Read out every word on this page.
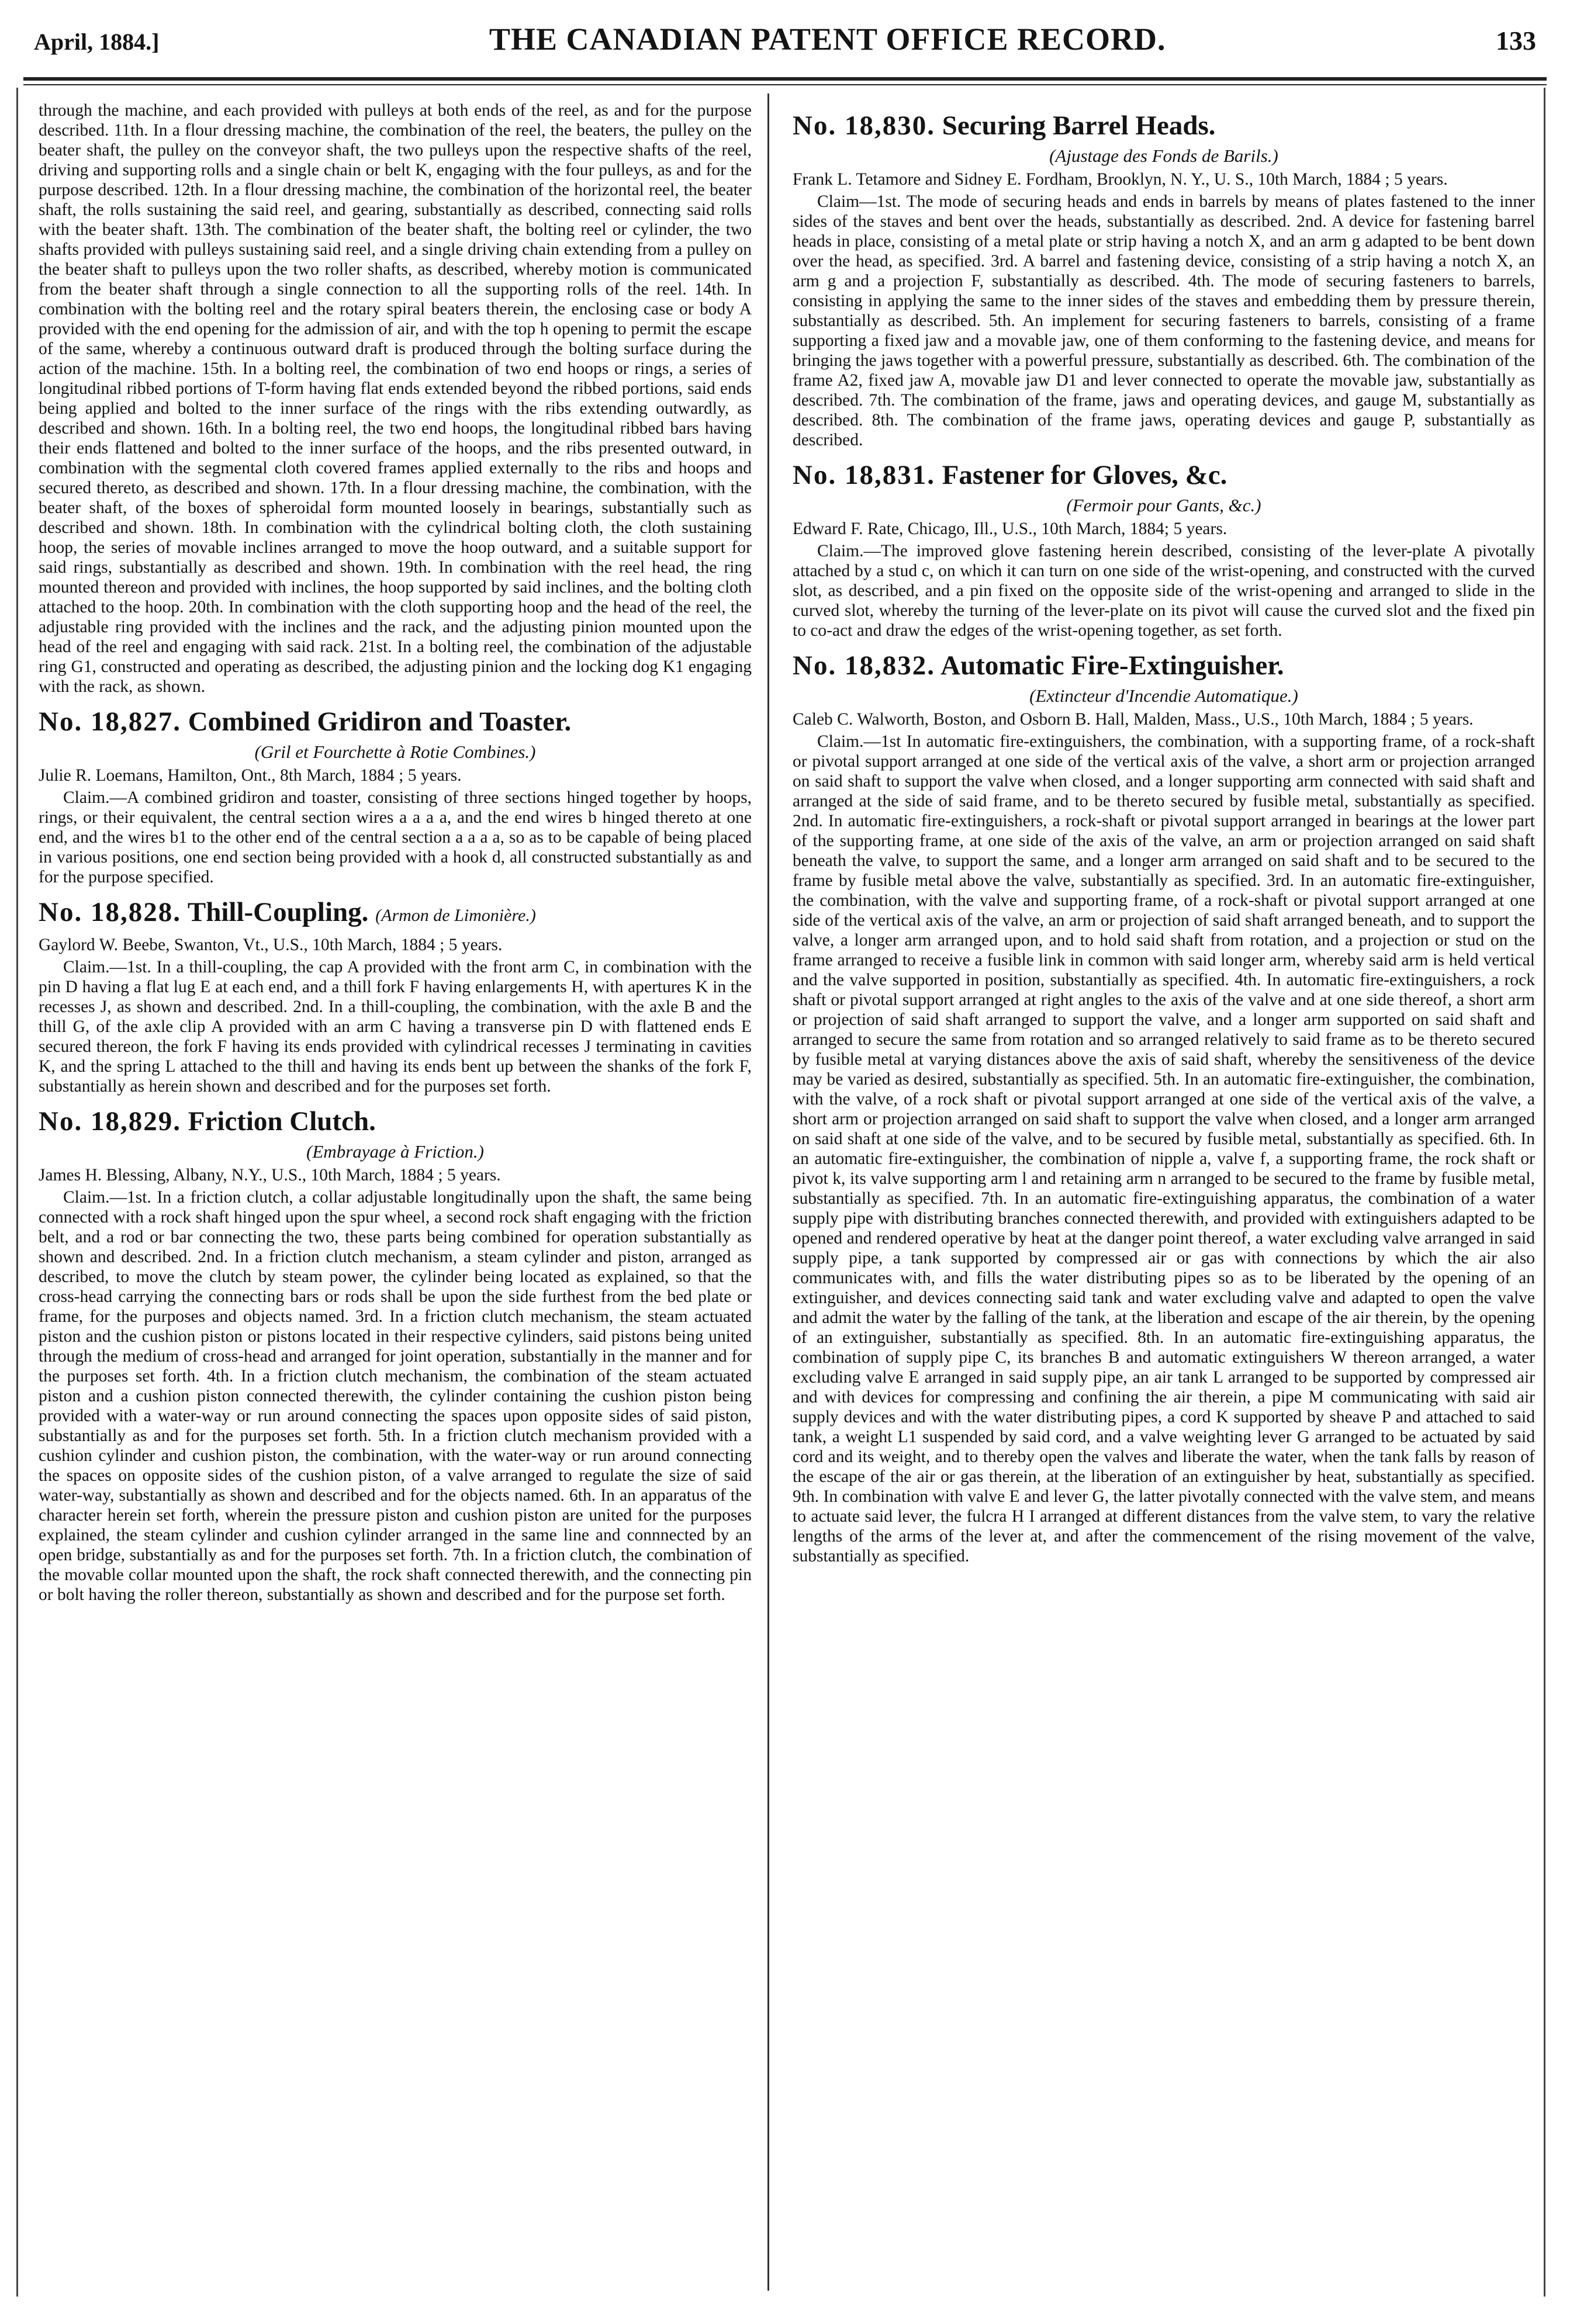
April, 1884.]	THE CANADIAN PATENT OFFICE RECORD.	133

through the machine, and each provided with pulleys at both ends of the reel, as and for the purpose described. 11th. In a flour dressing machine, the combination of the reel, the beaters, the pulley on the beater shaft, the pulley on the conveyor shaft, the two pulleys upon the respective shafts of the reel, driving and supporting rolls and a single chain or belt K, engaging with the four pulleys, as and for the purpose described. 12th. In a flour dressing machine, the combination of the horizontal reel, the beater shaft, the rolls sustaining the said reel, and gearing, substantially as described, connecting said rolls with the beater shaft. 13th. The combination of the beater shaft, the bolting reel or cylinder, the two shafts provided with pulleys sustaining said reel, and a single driving chain extending from a pulley on the beater shaft to pulleys upon the two roller shafts, as described, whereby motion is communicated from the beater shaft through a single connection to all the supporting rolls of the reel. 14th. In combination with the bolting reel and the rotary spiral beaters therein, the enclosing case or body A provided with the end opening for the admission of air, and with the top h opening to permit the escape of the same, whereby a continuous outward draft is produced through the bolting surface during the action of the machine. 15th. In a bolting reel, the combination of two end hoops or rings, a series of longitudinal ribbed portions of T-form having flat ends extended beyond the ribbed portions, said ends being applied and bolted to the inner surface of the rings with the ribs extending outwardly, as described and shown. 16th. In a bolting reel, the two end hoops, the longitudinal ribbed bars having their ends flattened and bolted to the inner surface of the hoops, and the ribs presented outward, in combination with the segmental cloth covered frames applied externally to the ribs and hoops and secured thereto, as described and shown. 17th. In a flour dressing machine, the combination, with the beater shaft, of the boxes of spheroidal form mounted loosely in bearings, substantially such as described and shown. 18th. In combination with the cylindrical bolting cloth, the cloth sustaining hoop, the series of movable inclines arranged to move the hoop outward, and a suitable support for said rings, substantially as described and shown. 19th. In combination with the reel head, the ring mounted thereon and provided with inclines, the hoop supported by said inclines, and the bolting cloth attached to the hoop. 20th. In combination with the cloth supporting hoop and the head of the reel, the adjustable ring provided with the inclines and the rack, and the adjusting pinion mounted upon the head of the reel and engaging with said rack. 21st. In a bolting reel, the combination of the adjustable ring G1, constructed and operating as described, the adjusting pinion and the locking dog K1 engaging with the rack, as shown.

No. 18,827. Combined Gridiron and Toaster.

(Gril et Fourchette à Rotie Combines.)

Julie R. Loemans, Hamilton, Ont., 8th March, 1884 ; 5 years.

Claim.—A combined gridiron and toaster, consisting of three sections hinged together by hoops, rings, or their equivalent, the central section wires a a a a, and the end wires b hinged thereto at one end, and the wires b1 to the other end of the central section a a a a, so as to be capable of being placed in various positions, one end section being provided with a hook d, all constructed substantially as and for the purpose specified.

No. 18,828. Thill-Coupling. (Armon de Limonière.)

Gaylord W. Beebe, Swanton, Vt., U.S., 10th March, 1884 ; 5 years.

Claim.—1st. In a thill-coupling, the cap A provided with the front arm C, in combination with the pin D having a flat lug E at each end, and a thill fork F having enlargements H, with apertures K in the recesses J, as shown and described. 2nd. In a thill-coupling, the combination, with the axle B and the thill G, of the axle clip A provided with an arm C having a transverse pin D with flattened ends E secured thereon, the fork F having its ends provided with cylindrical recesses J terminating in cavities K, and the spring L attached to the thill and having its ends bent up between the shanks of the fork F, substantially as herein shown and described and for the purposes set forth.

No. 18,829. Friction Clutch.

(Embrayage à Friction.)

James H. Blessing, Albany, N.Y., U.S., 10th March, 1884 ; 5 years.

Claim.—1st. In a friction clutch, a collar adjustable longitudinally upon the shaft, the same being connected with a rock shaft hinged upon the spur wheel, a second rock shaft engaging with the friction belt, and a rod or bar connecting the two, these parts being combined for operation substantially as shown and described. 2nd. In a friction clutch mechanism, a steam cylinder and piston, arranged as described, to move the clutch by steam power, the cylinder being located as explained, so that the cross-head carrying the connecting bars or rods shall be upon the side furthest from the bed plate or frame, for the purposes and objects named. 3rd. In a friction clutch mechanism, the steam actuated piston and the cushion piston or pistons located in their respective cylinders, said pistons being united through the medium of cross-head and arranged for joint operation, substantially in the manner and for the purposes set forth. 4th. In a friction clutch mechanism, the combination of the steam actuated piston and a cushion piston connected therewith, the cylinder containing the cushion piston being provided with a water-way or run around connecting the spaces upon opposite sides of said piston, substantially as and for the purposes set forth. 5th. In a friction clutch mechanism provided with a cushion cylinder and cushion piston, the combination, with the water-way or run around connecting the spaces on opposite sides of the cushion piston, of a valve arranged to regulate the size of said water-way, substantially as shown and described and for the objects named. 6th. In an apparatus of the character herein set forth, wherein the pressure piston and cushion piston are united for the purposes explained, the steam cylinder and cushion cylinder arranged in the same line and connnected by an open bridge, substantially as and for the purposes set forth. 7th. In a friction clutch, the combination of the movable collar mounted upon the shaft, the rock shaft connected therewith, and the connecting pin or bolt having the roller thereon, substantially as shown and described and for the purpose set forth.

No. 18,830. Securing Barrel Heads.

(Ajustage des Fonds de Barils.)

Frank L. Tetamore and Sidney E. Fordham, Brooklyn, N. Y., U. S., 10th March, 1884 ; 5 years.

Claim—1st. The mode of securing heads and ends in barrels by means of plates fastened to the inner sides of the staves and bent over the heads, substantially as described. 2nd. A device for fastening barrel heads in place, consisting of a metal plate or strip having a notch X, and an arm g adapted to be bent down over the head, as specified. 3rd. A barrel and fastening device, consisting of a strip having a notch X, an arm g and a projection F, substantially as described. 4th. The mode of securing fasteners to barrels, consisting in applying the same to the inner sides of the staves and embedding them by pressure therein, substantially as described. 5th. An implement for securing fasteners to barrels, consisting of a frame supporting a fixed jaw and a movable jaw, one of them conforming to the fastening device, and means for bringing the jaws together with a powerful pressure, substantially as described. 6th. The combination of the frame A2, fixed jaw A, movable jaw D1 and lever connected to operate the movable jaw, substantially as described. 7th. The combination of the frame, jaws and operating devices, and gauge M, substantially as described. 8th. The combination of the frame jaws, operating devices and gauge P, substantially as described.

No. 18,831. Fastener for Gloves, &c.

(Fermoir pour Gants, &c.)

Edward F. Rate, Chicago, Ill., U.S., 10th March, 1884; 5 years.

Claim.—The improved glove fastening herein described, consisting of the lever-plate A pivotally attached by a stud c, on which it can turn on one side of the wrist-opening, and constructed with the curved slot, as described, and a pin fixed on the opposite side of the wrist-opening and arranged to slide in the curved slot, whereby the turning of the lever-plate on its pivot will cause the curved slot and the fixed pin to co-act and draw the edges of the wrist-opening together, as set forth.

No. 18,832. Automatic Fire-Extinguisher.

(Extincteur d'Incendie Automatique.)

Caleb C. Walworth, Boston, and Osborn B. Hall, Malden, Mass., U.S., 10th March, 1884 ; 5 years.

Claim.—1st In automatic fire-extinguishers, the combination, with a supporting frame, of a rock-shaft or pivotal support arranged at one side of the vertical axis of the valve, a short arm or projection arranged on said shaft to support the valve when closed, and a longer supporting arm connected with said shaft and arranged at the side of said frame, and to be thereto secured by fusible metal, substantially as specified. 2nd. In automatic fire-extinguishers, a rock-shaft or pivotal support arranged in bearings at the lower part of the supporting frame, at one side of the axis of the valve, an arm or projection arranged on said shaft beneath the valve, to support the same, and a longer arm arranged on said shaft and to be secured to the frame by fusible metal above the valve, substantially as specified. 3rd. In an automatic fire-extinguisher, the combination, with the valve and supporting frame, of a rock-shaft or pivotal support arranged at one side of the vertical axis of the valve, an arm or projection of said shaft arranged beneath, and to support the valve, a longer arm arranged upon, and to hold said shaft from rotation, and a projection or stud on the frame arranged to receive a fusible link in common with said longer arm, whereby said arm is held vertical and the valve supported in position, substantially as specified. 4th. In automatic fire-extinguishers, a rock shaft or pivotal support arranged at right angles to the axis of the valve and at one side thereof, a short arm or projection of said shaft arranged to support the valve, and a longer arm supported on said shaft and arranged to secure the same from rotation and so arranged relatively to said frame as to be thereto secured by fusible metal at varying distances above the axis of said shaft, whereby the sensitiveness of the device may be varied as desired, substantially as specified. 5th. In an automatic fire-extinguisher, the combination, with the valve, of a rock shaft or pivotal support arranged at one side of the vertical axis of the valve, a short arm or projection arranged on said shaft to support the valve when closed, and a longer arm arranged on said shaft at one side of the valve, and to be secured by fusible metal, substantially as specified. 6th. In an automatic fire-extinguisher, the combination of nipple a, valve f, a supporting frame, the rock shaft or pivot k, its valve supporting arm l and retaining arm n arranged to be secured to the frame by fusible metal, substantially as specified. 7th. In an automatic fire-extinguishing apparatus, the combination of a water supply pipe with distributing branches connected therewith, and provided with extinguishers adapted to be opened and rendered operative by heat at the danger point thereof, a water excluding valve arranged in said supply pipe, a tank supported by compressed air or gas with connections by which the air also communicates with, and fills the water distributing pipes so as to be liberated by the opening of an extinguisher, and devices connecting said tank and water excluding valve and adapted to open the valve and admit the water by the falling of the tank, at the liberation and escape of the air therein, by the opening of an extinguisher, substantially as specified. 8th. In an automatic fire-extinguishing apparatus, the combination of supply pipe C, its branches B and automatic extinguishers W thereon arranged, a water excluding valve E arranged in said supply pipe, an air tank L arranged to be supported by compressed air and with devices for compressing and confining the air therein, a pipe M communicating with said air supply devices and with the water distributing pipes, a cord K supported by sheave P and attached to said tank, a weight L1 suspended by said cord, and a valve weighting lever G arranged to be actuated by said cord and its weight, and to thereby open the valves and liberate the water, when the tank falls by reason of the escape of the air or gas therein, at the liberation of an extinguisher by heat, substantially as specified. 9th. In combination with valve E and lever G, the latter pivotally connected with the valve stem, and means to actuate said lever, the fulcra H I arranged at different distances from the valve stem, to vary the relative lengths of the arms of the lever at, and after the commencement of the rising movement of the valve, substantially as specified.
